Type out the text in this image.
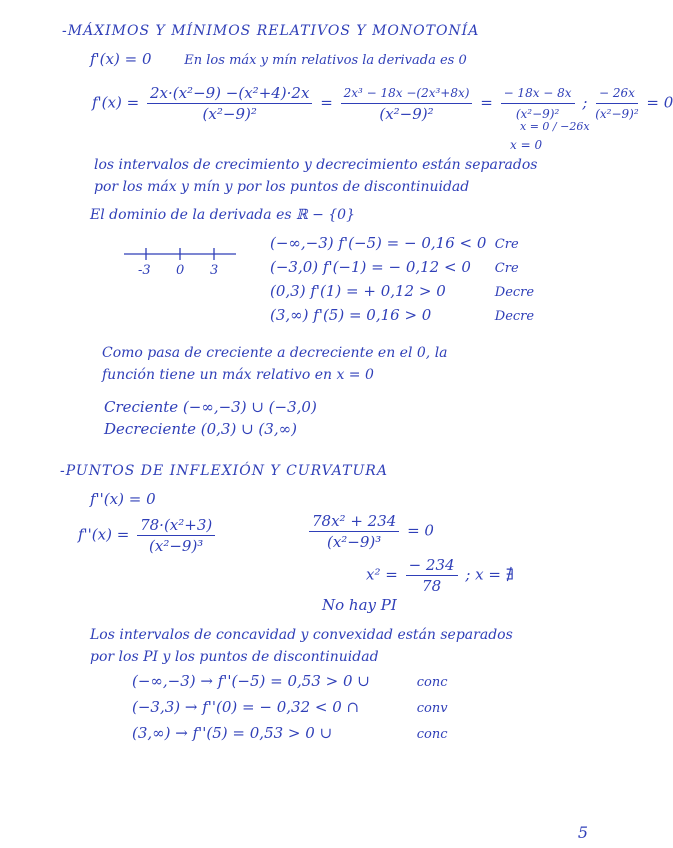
-MÁXIMOS Y MÍNIMOS RELATIVOS Y MONOTONÍA
f'(x) = 0	En los máx y mín relativos la derivada es 0
$f'(x) = \frac{\text{2x·(x²−9) −(x²+4)·2x}}{\text{(x²−9)²}} = \frac{\text{2x³ − 18x −(2x³+8x)}}{\text{(x²−9)²}} = \frac{- 18x - 8x}{\text{(x²−9)²}}$ ; $\frac{- 26x}{\text{(x²−9)²}} = 0$
x = 0 / −26x
x = 0
los intervalos de crecimiento y decrecimiento están separados
por los máx y mín y por los puntos de discontinuidad
El dominio de la derivada es ℝ − {0}
-3 0 3
(−∞,−3) f'(−5) = − 0,16 < 0 Cre
(−3,0) f'(−1) = − 0,12 < 0 Cre
(0,3) f'(1) = + 0,12 > 0	Decre
(3,∞) f'(5) = 0,16 > 0	Decre
Como pasa de creciente a decreciente en el 0, la
función tiene un máx relativo en x = 0
Creciente (−∞,−3) ∪ (−3,0)
Decreciente (0,3) ∪ (3,∞)
-PUNTOS DE INFLEXIÓN Y CURVATURA
f''(x) = 0
$f''(x) = \frac{\text{78·(x²+3)}}{\text{(x²−9)³}}$	$\frac{\text{78x² + 234}}{\text{(x²−9)³}} = 0$
$x^2 = \frac{- 234}{78}$ ; x = ∄
No hay PI
Los intervalos de concavidad y convexidad están separados
por los PI y los puntos de discontinuidad
(−∞,−3) → f''(−5) = 0,53 > 0 ∪	conc
(−3,3) → f''(0) = − 0,32 < 0 ∩	conv
(3,∞) → f''(5) = 0,53 > 0 ∪	conc
5
